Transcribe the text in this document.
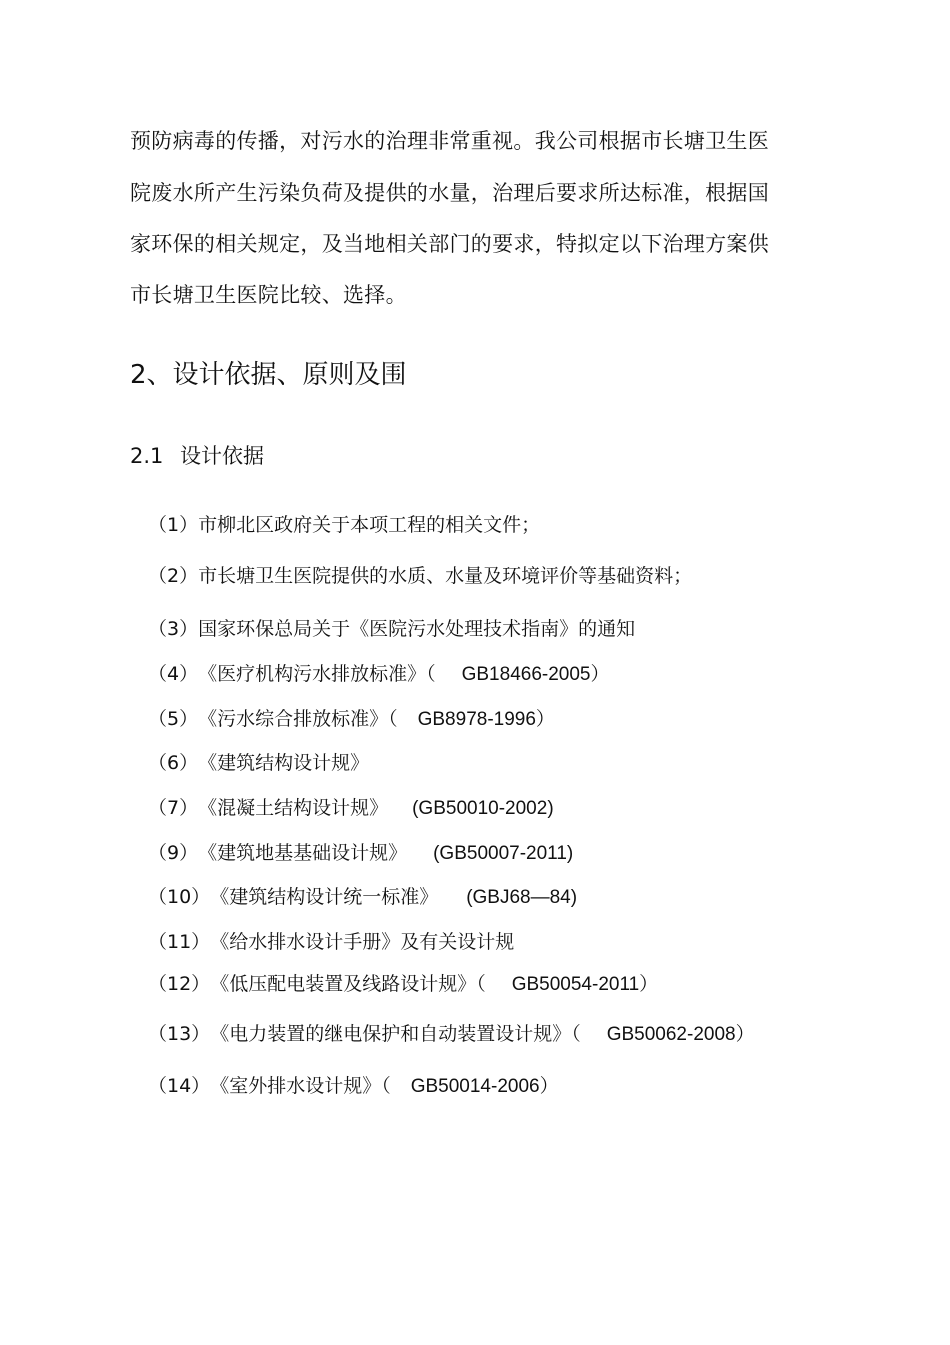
预防病毒的传播，对污水的治理非常重视。我公司根据市长塘卫生医
院废水所产生污染负荷及提供的水量，治理后要求所达标准，根据国
家环保的相关规定，及当地相关部门的要求，特拟定以下治理方案供
市长塘卫生医院比较、选择。
2、设计依据、原则及围
2.1 设计依据
（1）市柳北区政府关于本项工程的相关文件；
（2）市长塘卫生医院提供的水质、水量及环境评价等基础资料；
（3）国家环保总局关于《医院污水处理技术指南》的通知
（4）《医疗机构污水排放标准》（ GB18466-2005）
（5）《污水综合排放标准》（ GB8978-1996）
（6）《建筑结构设计规》
（7）《混凝土结构设计规》 (GB50010-2002)
（9）《建筑地基基础设计规》 (GB50007-2011)
（10）《建筑结构设计统一标准》 (GBJ68—84)
（11）《给水排水设计手册》及有关设计规
（12）《低压配电装置及线路设计规》（ GB50054-2011）
（13）《电力装置的继电保护和自动装置设计规》（ GB50062-2008）
（14）《室外排水设计规》（ GB50014-2006）
